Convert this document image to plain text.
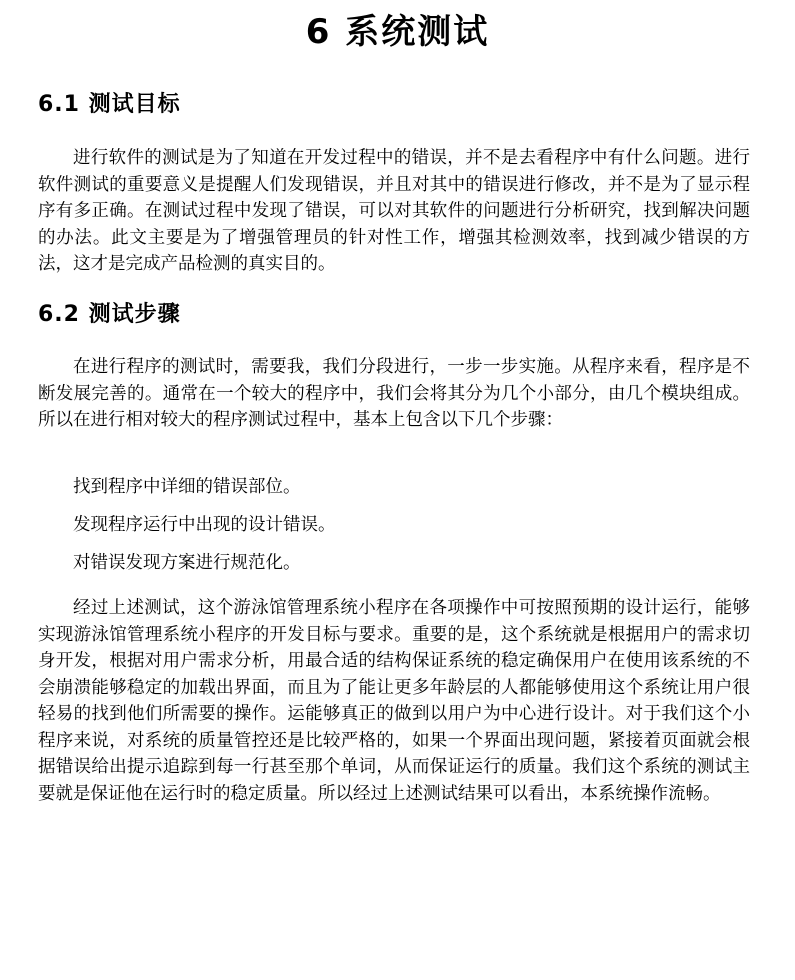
6 系统测试
6.1 测试目标

进行软件的测试是为了知道在开发过程中的错误，并不是去看程序中有什么问题。进行软件测试的重要意义是提醒人们发现错误，并且对其中的错误进行修改，并不是为了显示程序有多正确。在测试过程中发现了错误，可以对其软件的问题进行分析研究，找到解决问题的办法。此文主要是为了增强管理员的针对性工作，增强其检测效率，找到减少错误的方法，这才是完成产品检测的真实目的。

6.2 测试步骤

在进行程序的测试时，需要我，我们分段进行，一步一步实施。从程序来看，程序是不断发展完善的。通常在一个较大的程序中，我们会将其分为几个小部分，由几个模块组成。所以在进行相对较大的程序测试过程中，基本上包含以下几个步骤：

找到程序中详细的错误部位。

发现程序运行中出现的设计错误。

对错误发现方案进行规范化。

经过上述测试，这个游泳馆管理系统小程序在各项操作中可按照预期的设计运行，能够实现游泳馆管理系统小程序的开发目标与要求。重要的是，这个系统就是根据用户的需求切身开发，根据对用户需求分析，用最合适的结构保证系统的稳定确保用户在使用该系统的不会崩溃能够稳定的加载出界面，而且为了能让更多年龄层的人都能够使用这个系统让用户很轻易的找到他们所需要的操作。运能够真正的做到以用户为中心进行设计。对于我们这个小程序来说，对系统的质量管控还是比较严格的，如果一个界面出现问题，紧接着页面就会根据错误给出提示追踪到每一行甚至那个单词，从而保证运行的质量。我们这个系统的测试主要就是保证他在运行时的稳定质量。所以经过上述测试结果可以看出，本系统操作流畅。
